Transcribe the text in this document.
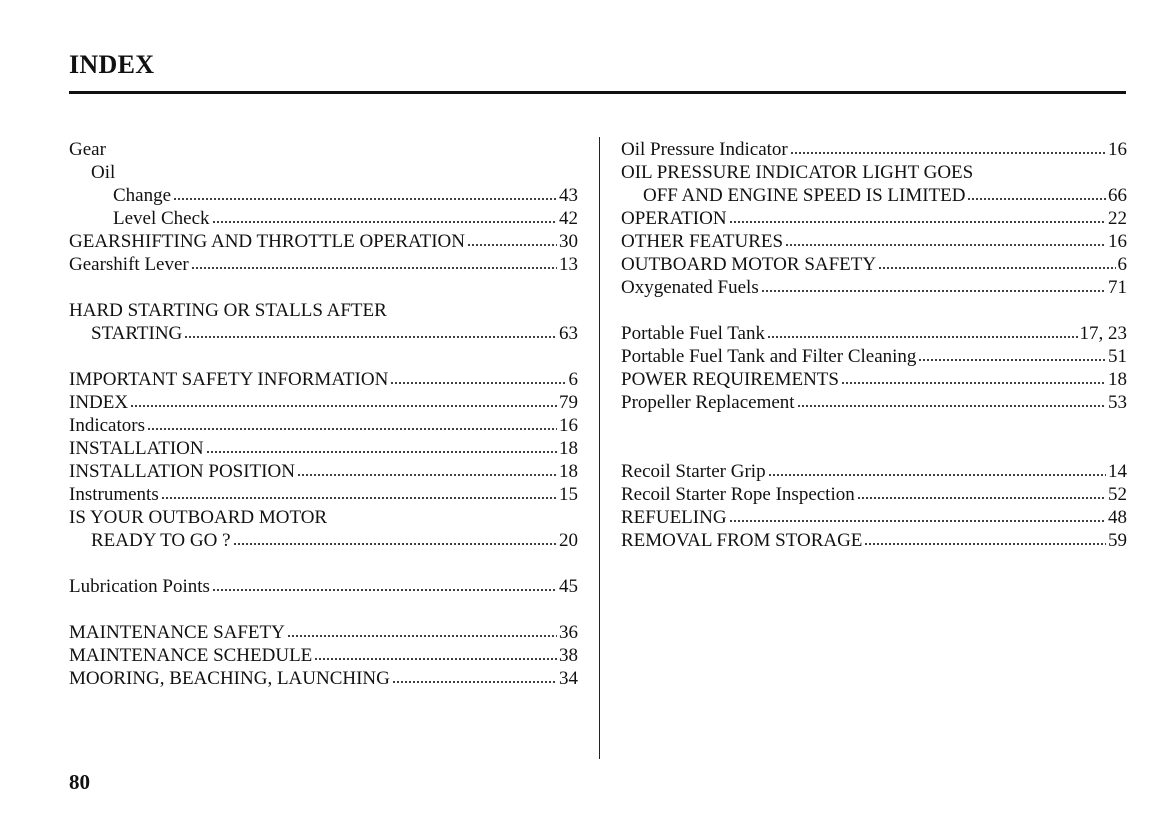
INDEX
Gear
Oil
Change	43
Level Check	42
GEARSHIFTING AND THROTTLE OPERATION	30
Gearshift Lever	13
HARD STARTING OR STALLS AFTER
STARTING	63
IMPORTANT SAFETY INFORMATION	6
INDEX	79
Indicators	16
INSTALLATION	18
INSTALLATION POSITION	18
Instruments	15
IS YOUR OUTBOARD MOTOR
READY TO GO ?	20
Lubrication Points	45
MAINTENANCE SAFETY	36
MAINTENANCE SCHEDULE	38
MOORING, BEACHING, LAUNCHING	34
Oil Pressure Indicator	16
OIL PRESSURE INDICATOR LIGHT GOES
OFF AND ENGINE SPEED IS LIMITED	66
OPERATION	22
OTHER FEATURES	16
OUTBOARD MOTOR SAFETY	6
Oxygenated Fuels	71
Portable Fuel Tank	17, 23
Portable Fuel Tank and Filter Cleaning	51
POWER REQUIREMENTS	18
Propeller Replacement	53
Recoil Starter Grip	14
Recoil Starter Rope Inspection	52
REFUELING	48
REMOVAL FROM STORAGE	59
80
